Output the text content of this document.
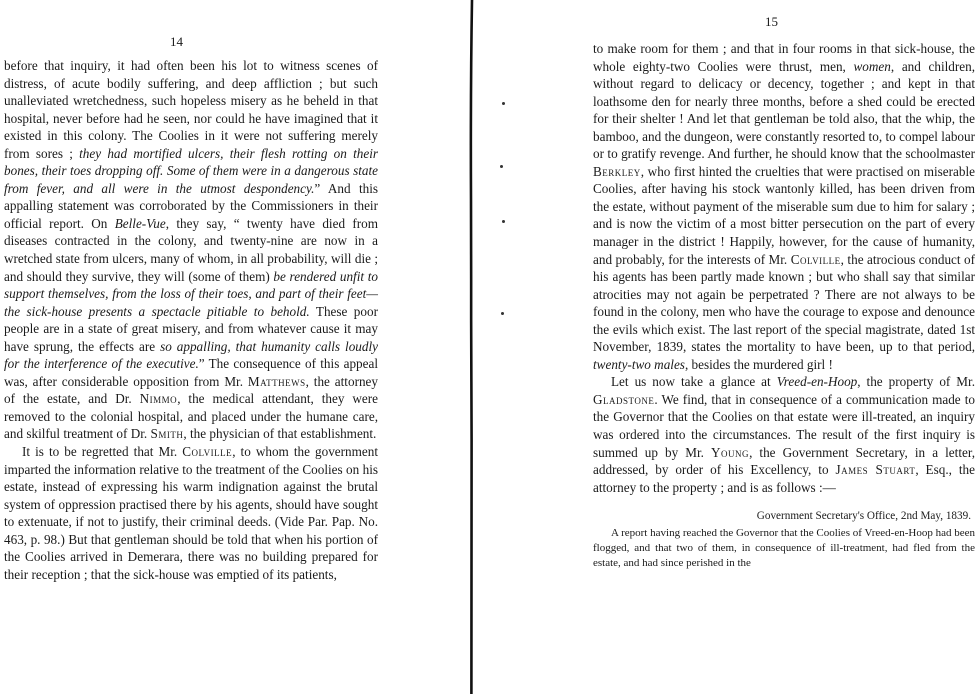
14

before that inquiry, it had often been his lot to witness scenes of distress, of acute bodily suffering, and deep affliction ; but such unalleviated wretchedness, such hopeless misery as he beheld in that hospital, never before had he seen, nor could he have imagined that it existed in this colony. The Coolies in it were not suffering merely from sores ; they had mortified ulcers, their flesh rotting on their bones, their toes dropping off. Some of them were in a dangerous state from fever, and all were in the utmost despondency.” And this appalling statement was corroborated by the Commissioners in their official report. On Belle-Vue, they say, “ twenty have died from diseases contracted in the colony, and twenty-nine are now in a wretched state from ulcers, many of whom, in all probability, will die ; and should they survive, they will (some of them) be rendered unfit to support themselves, from the loss of their toes, and part of their feet—the sick-house presents a spectacle pitiable to behold. These poor people are in a state of great misery, and from whatever cause it may have sprung, the effects are so appalling, that humanity calls loudly for the interference of the executive.” The consequence of this appeal was, after considerable opposition from Mr. Matthews, the attorney of the estate, and Dr. Nimmo, the medical attendant, they were removed to the colonial hospital, and placed under the humane care, and skilful treatment of Dr. Smith, the physician of that establishment.

It is to be regretted that Mr. Colville, to whom the government imparted the information relative to the treatment of the Coolies on his estate, instead of expressing his warm indignation against the brutal system of oppression practised there by his agents, should have sought to extenuate, if not to justify, their criminal deeds. (Vide Par. Pap. No. 463, p. 98.) But that gentleman should be told that when his portion of the Coolies arrived in Demerara, there was no building prepared for their reception ; that the sick-house was emptied of its patients,

15

to make room for them ; and that in four rooms in that sick-house, the whole eighty-two Coolies were thrust, men, women, and children, without regard to delicacy or decency, together ; and kept in that loathsome den for nearly three months, before a shed could be erected for their shelter ! And let that gentleman be told also, that the whip, the bamboo, and the dungeon, were constantly resorted to, to compel labour or to gratify revenge. And further, he should know that the schoolmaster Berkley, who first hinted the cruelties that were practised on miserable Coolies, after having his stock wantonly killed, has been driven from the estate, without payment of the miserable sum due to him for salary ; and is now the victim of a most bitter persecution on the part of every manager in the district ! Happily, however, for the cause of humanity, and probably, for the interests of Mr. Colville, the atrocious conduct of his agents has been partly made known ; but who shall say that similar atrocities may not again be perpetrated ? There are not always to be found in the colony, men who have the courage to expose and denounce the evils which exist. The last report of the special magistrate, dated 1st November, 1839, states the mortality to have been, up to that period, twenty-two males, besides the murdered girl !

Let us now take a glance at Vreed-en-Hoop, the property of Mr. Gladstone. We find, that in consequence of a communication made to the Governor that the Coolies on that estate were ill-treated, an inquiry was ordered into the circumstances. The result of the first inquiry is summed up by Mr. Young, the Government Secretary, in a letter, addressed, by order of his Excellency, to James Stuart, Esq., the attorney to the property ; and is as follows :—

Government Secretary's Office, 2nd May, 1839.

A report having reached the Governor that the Coolies of Vreed-en-Hoop had been flogged, and that two of them, in consequence of ill-treatment, had fled from the estate, and had since perished in the
